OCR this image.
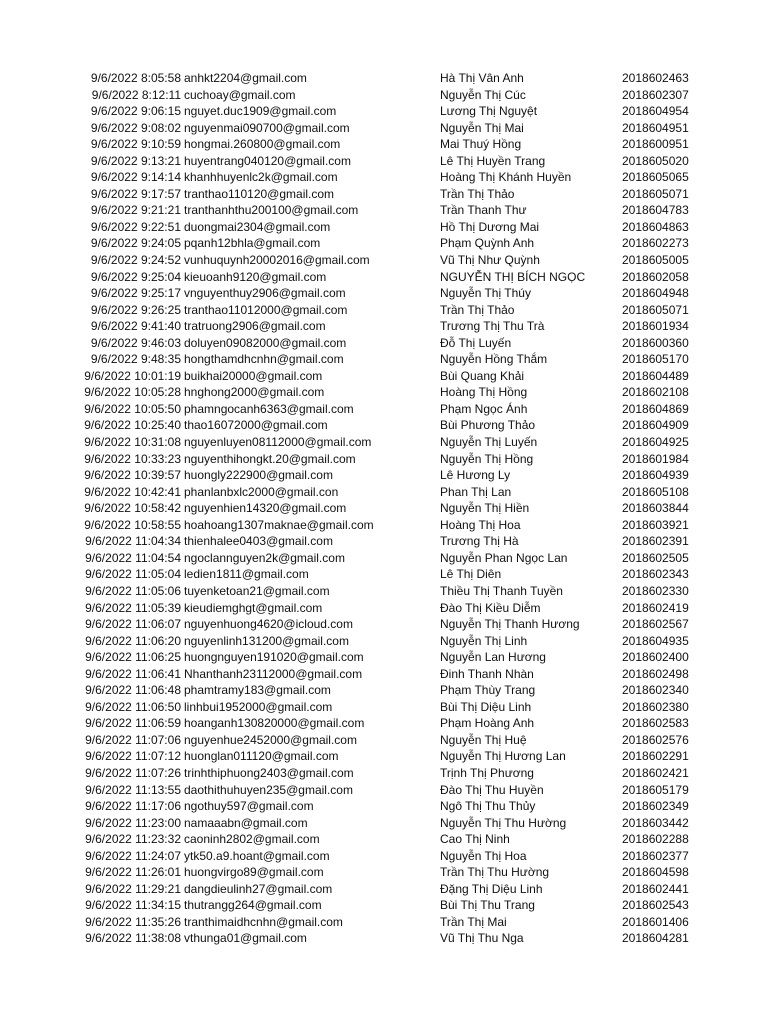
9/6/2022 8:05:58 anhkt2204@gmail.com	Hà Thị Vân Anh	2018602463
9/6/2022 8:12:11 cuchoay@gmail.com	Nguyễn Thị Cúc	2018602307
9/6/2022 9:06:15 nguyet.duc1909@gmail.com	Lương Thị Nguyệt	2018604954
9/6/2022 9:08:02 nguyenmai090700@gmail.com	Nguyễn Thị Mai	2018604951
9/6/2022 9:10:59 hongmai.260800@gmail.com	Mai Thuý Hồng	2018600951
9/6/2022 9:13:21 huyentrang040120@gmail.com	Lê Thị Huyền Trang	2018605020
9/6/2022 9:14:14 khanhhuyenlc2k@gmail.com	Hoàng Thị Khánh Huyền	2018605065
9/6/2022 9:17:57 tranthao110120@gmail.com	Trần Thị Thảo	2018605071
9/6/2022 9:21:21 tranthanhthu200100@gmail.com	Trần Thanh Thư	2018604783
9/6/2022 9:22:51 duongmai2304@gmail.com	Hồ Thị Dương Mai	2018604863
9/6/2022 9:24:05 pqanh12bhla@gmail.com	Phạm Quỳnh Anh	2018602273
9/6/2022 9:24:52 vunhuquynh20002016@gmail.com	Vũ Thị Như Quỳnh	2018605005
9/6/2022 9:25:04 kieuoanh9120@gmail.com	NGUYỄN THỊ BÍCH NGỌC	2018602058
9/6/2022 9:25:17 vnguyenthuy2906@gmail.com	Nguyễn Thị Thúy	2018604948
9/6/2022 9:26:25 tranthao11012000@gmail.com	Trần Thị Thảo	2018605071
9/6/2022 9:41:40 tratruong2906@gmail.com	Trương Thị Thu Trà	2018601934
9/6/2022 9:46:03 doluyen09082000@gmail.com	Đỗ Thị Luyến	2018600360
9/6/2022 9:48:35 hongthamdhcnhn@gmail.com	Nguyễn Hồng Thắm	2018605170
9/6/2022 10:01:19 buikhai20000@gmail.com	Bùi Quang Khải	2018604489
9/6/2022 10:05:28 hnghong2000@gmail.com	Hoàng Thị Hồng	2018602108
9/6/2022 10:05:50 phamngocanh6363@gmail.com	Phạm Ngọc Ánh	2018604869
9/6/2022 10:25:40 thao16072000@gmail.com	Bùi Phương Thảo	2018604909
9/6/2022 10:31:08 nguyenluyen08112000@gmail.com	Nguyễn Thị Luyến	2018604925
9/6/2022 10:33:23 nguyenthihongkt.20@gmail.com	Nguyễn Thị Hồng	2018601984
9/6/2022 10:39:57 huongly222900@gmail.com	Lê Hương Ly	2018604939
9/6/2022 10:42:41 phanlanbxlc2000@gmail.con	Phan Thị Lan	2018605108
9/6/2022 10:58:42 nguyenhien14320@gmail.com	Nguyễn Thị Hiền	2018603844
9/6/2022 10:58:55 hoahoang1307maknae@gmail.com	Hoàng Thị Hoa	2018603921
9/6/2022 11:04:34 thienhalee0403@gmail.com	Trương Thị Hà	2018602391
9/6/2022 11:04:54 ngoclannguyen2k@gmail.com	Nguyễn Phan Ngọc Lan	2018602505
9/6/2022 11:05:04 ledien1811@gmail.com	Lê Thị Diên	2018602343
9/6/2022 11:05:06 tuyenketoan21@gmail.com	Thiều Thị Thanh Tuyền	2018602330
9/6/2022 11:05:39 kieudiemghgt@gmail.com	Đào Thị Kiều Diễm	2018602419
9/6/2022 11:06:07 nguyenhuong4620@icloud.com	Nguyễn Thị Thanh Hương	2018602567
9/6/2022 11:06:20 nguyenlinh131200@gmail.com	Nguyễn Thị Linh	2018604935
9/6/2022 11:06:25 huongnguyen191020@gmail.com	Nguyễn Lan Hương	2018602400
9/6/2022 11:06:41 Nhanthanh23112000@gmail.com	Đinh Thanh Nhàn	2018602498
9/6/2022 11:06:48 phamtramy183@gmail.com	Phạm Thùy Trang	2018602340
9/6/2022 11:06:50 linhbui1952000@gmail.com	Bùi Thị Diệu Linh	2018602380
9/6/2022 11:06:59 hoanganh130820000@gmail.com	Phạm Hoàng Anh	2018602583
9/6/2022 11:07:06 nguyenhue2452000@gmail.com	Nguyễn Thị Huệ	2018602576
9/6/2022 11:07:12 huonglan011120@gmail.com	Nguyễn Thị Hương Lan	2018602291
9/6/2022 11:07:26 trinhthiphuong2403@gmail.com	Trịnh Thị Phương	2018602421
9/6/2022 11:13:55 daothithuhuyen235@gmail.com	Đào Thị Thu Huyền	2018605179
9/6/2022 11:17:06 ngothuy597@gmail.com	Ngô Thị Thu Thủy	2018602349
9/6/2022 11:23:00 namaaabn@gmail.com	Nguyễn Thị Thu Hường	2018603442
9/6/2022 11:23:32 caoninh2802@gmail.com	Cao Thị Ninh	2018602288
9/6/2022 11:24:07 ytk50.a9.hoant@gmail.com	Nguyễn Thị Hoa	2018602377
9/6/2022 11:26:01 huongvirgo89@gmail.com	Trần Thị Thu Hường	2018604598
9/6/2022 11:29:21 dangdieulinh27@gmail.com	Đặng Thị Diệu Linh	2018602441
9/6/2022 11:34:15 thutrangg264@gmail.com	Bùi Thị Thu Trang	2018602543
9/6/2022 11:35:26 tranthimaidhcnhn@gmail.com	Trần Thị Mai	2018601406
9/6/2022 11:38:08 vthunga01@gmail.com	Vũ Thị Thu Nga	2018604281
